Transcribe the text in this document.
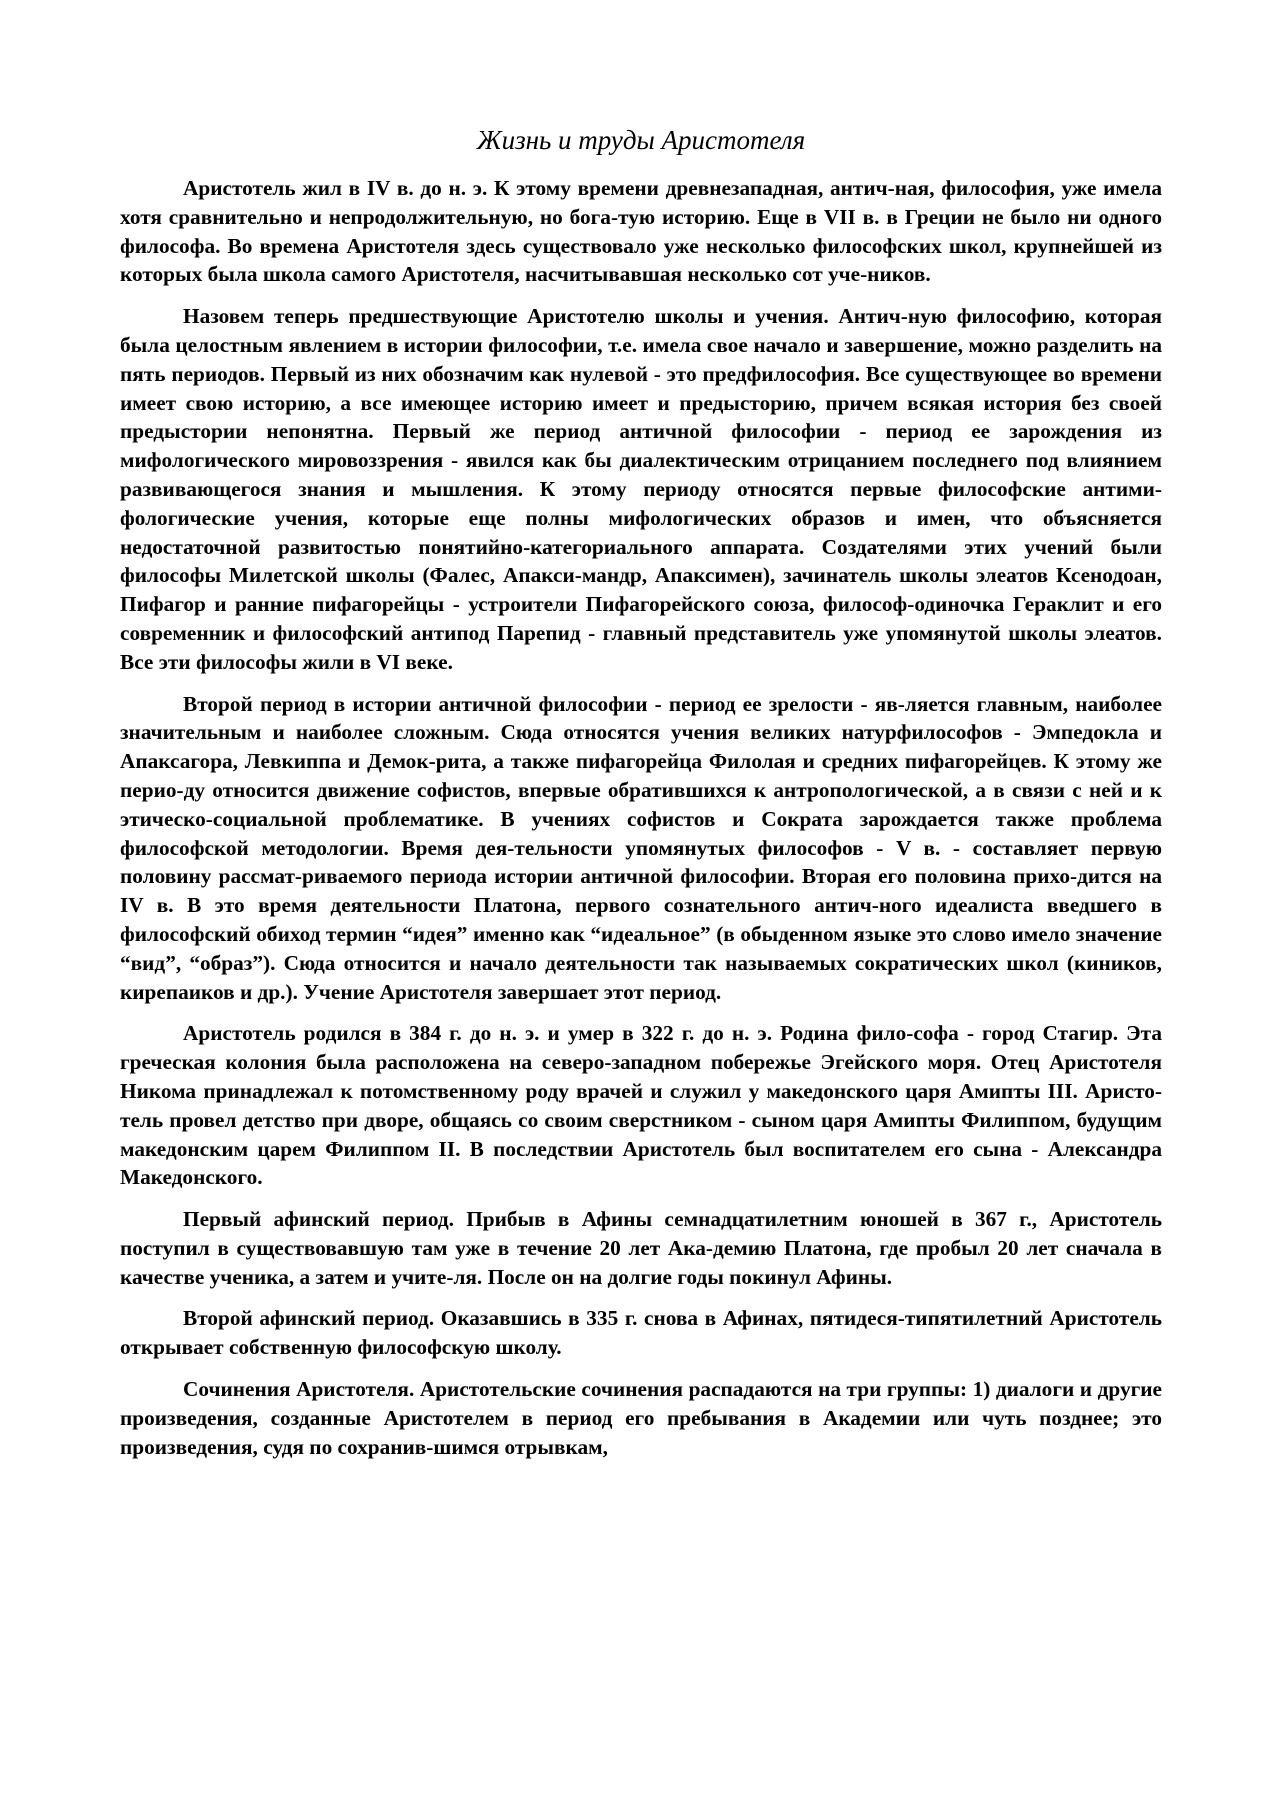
Жизнь и труды Аристотеля

Аристотель жил в IV в. до н. э. К этому времени древнезападная, антич-ная, философия, уже имела хотя сравнительно и непродолжительную, но бога-тую историю. Еще в VII в. в Греции не было ни одного философа. Во времена Аристотеля здесь существовало уже несколько философских школ, крупнейшей из которых была школа самого Аристотеля, насчитывавшая несколько сот уче-ников.

Назовем теперь предшествующие Аристотелю школы и учения. Антич-ную философию, которая была целостным явлением в истории философии, т.е. имела свое начало и завершение, можно разделить на пять периодов. Первый из них обозначим как нулевой - это предфилософия. Все существующее во времени имеет свою историю, а все имеющее историю имеет и предысторию, причем всякая история без своей предыстории непонятна. Первый же период античной философии - период ее зарождения из мифологического мировоззрения - явился как бы диалектическим отрицанием последнего под влиянием развивающегося знания и мышления. К этому периоду относятся первые философские антими-фологические учения, которые еще полны мифологических образов и имен, что объясняется недостаточной развитостью понятийно-категориального аппарата. Создателями этих учений были философы Милетской школы (Фалес, Апакси-мандр, Апаксимен), зачинатель школы элеатов Ксенодоан, Пифагор и ранние пифагорейцы - устроители Пифагорейского союза, философ-одиночка Гераклит и его современник и философский антипод Парепид - главный представитель уже упомянутой школы элеатов. Все эти философы жили в VI веке.

Второй период в истории античной философии - период ее зрелости - яв-ляется главным, наиболее значительным и наиболее сложным. Сюда относятся учения великих натурфилософов - Эмпедокла и Апаксагора, Левкиппа и Демок-рита, а также пифагорейца Филолая и средних пифагорейцев. К этому же перио-ду относится движение софистов, впервые обратившихся к антропологической, а в связи с ней и к этическо-социальной проблематике. В учениях софистов и Сократа зарождается также проблема философской методологии. Время дея-тельности упомянутых философов - V в. - составляет первую половину рассмат-риваемого периода истории античной философии. Вторая его половина прихо-дится на IV в. В это время деятельности Платона, первого сознательного антич-ного идеалиста введшего в философский обиход термин “идея” именно как “идеальное” (в обыденном языке это слово имело значение “вид”, “образ”). Сюда относится и начало деятельности так называемых сократических школ (киников, кирепаиков и др.). Учение Аристотеля завершает этот период.

Аристотель родился в 384 г. до н. э. и умер в 322 г. до н. э. Родина фило-софа - город Стагир. Эта греческая колония была расположена на северо-западном побережье Эгейского моря. Отец Аристотеля Никома принадлежал к потомственному роду врачей и служил у македонского царя Амипты III. Аристо-тель провел детство при дворе, общаясь со своим сверстником - сыном царя Амипты Филиппом, будущим македонским царем Филиппом II. В последствии Аристотель был воспитателем его сына - Александра Македонского.

Первый афинский период. Прибыв в Афины семнадцатилетним юношей в 367 г., Аристотель поступил в существовавшую там уже в течение 20 лет Ака-демию Платона, где пробыл 20 лет сначала в качестве ученика, а затем и учите-ля. После он на долгие годы покинул Афины.

Второй афинский период. Оказавшись в 335 г. снова в Афинах, пятидеся-типятилетний Аристотель открывает собственную философскую школу.

Сочинения Аристотеля. Аристотельские сочинения распадаются на три группы: 1) диалоги и другие произведения, созданные Аристотелем в период его пребывания в Академии или чуть позднее; это произведения, судя по сохранив-шимся отрывкам,
